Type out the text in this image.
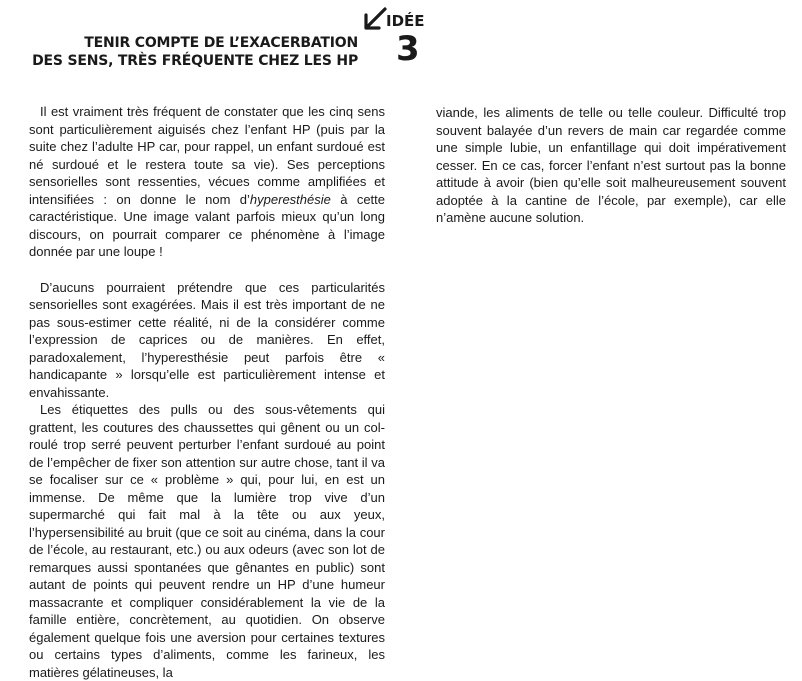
TENIR COMPTE DE L’EXACERBATION
DES SENS, TRÈS FRÉQUENTE CHEZ LES HP
IDÉE
3

Il est vraiment très fréquent de constater que les cinq sens sont particulièrement aiguisés chez l’enfant HP (puis par la suite chez l’adulte HP car, pour rappel, un enfant surdoué est né surdoué et le restera toute sa vie). Ses perceptions sensorielles sont ressenties, vécues comme amplifiées et intensifiées : on donne le nom d’hyperesthésie à cette caractéristique. Une image valant parfois mieux qu’un long discours, on pourrait comparer ce phénomène à l’image donnée par une loupe !

D’aucuns pourraient prétendre que ces particularités sensorielles sont exagérées. Mais il est très important de ne pas sous-estimer cette réalité, ni de la considérer comme l’expression de caprices ou de manières. En effet, paradoxalement, l’hyperesthésie peut parfois être « handicapante » lorsqu’elle est particulièrement intense et envahissante.

Les étiquettes des pulls ou des sous-vêtements qui grattent, les coutures des chaussettes qui gênent ou un col-roulé trop serré peuvent perturber l’enfant surdoué au point de l’empêcher de fixer son attention sur autre chose, tant il va se focaliser sur ce « problème » qui, pour lui, en est un immense. De même que la lumière trop vive d’un supermarché qui fait mal à la tête ou aux yeux, l’hypersensibilité au bruit (que ce soit au cinéma, dans la cour de l’école, au restaurant, etc.) ou aux odeurs (avec son lot de remarques aussi spontanées que gênantes en public) sont autant de points qui peuvent rendre un HP d’une humeur massacrante et compliquer considérablement la vie de la famille entière, concrètement, au quotidien. On observe également quelque fois une aversion pour certaines textures ou certains types d’aliments, comme les farineux, les matières gélatineuses, la

viande, les aliments de telle ou telle couleur. Difficulté trop souvent balayée d’un revers de main car regardée comme une simple lubie, un enfantillage qui doit impérativement cesser. En ce cas, forcer l’enfant n’est surtout pas la bonne attitude à avoir (bien qu’elle soit malheureusement souvent adoptée à la cantine de l’école, par exemple), car elle n’amène aucune solution.
